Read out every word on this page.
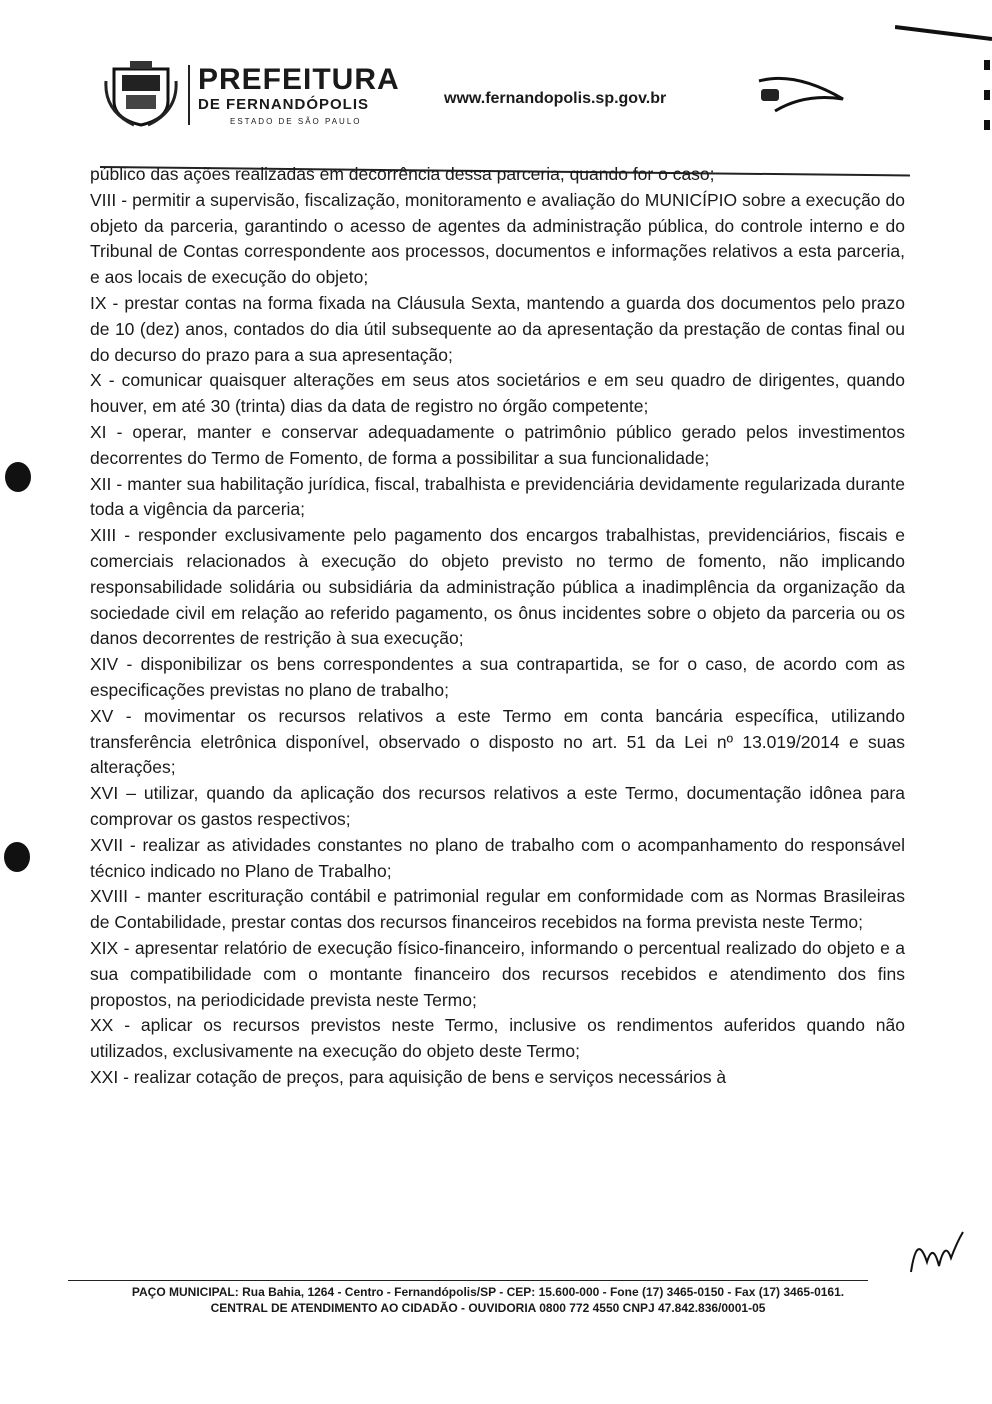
PREFEITURA
DE FERNANDÓPOLIS
ESTADO DE SÃO PAULO
www.fernandopolis.sp.gov.br

público das ações realizadas em decorrência dessa parceria, quando for o caso;

VIII - permitir a supervisão, fiscalização, monitoramento e avaliação do MUNICÍPIO sobre a execução do objeto da parceria, garantindo o acesso de agentes da administração pública, do controle interno e do Tribunal de Contas correspondente aos processos, documentos e informações relativos a esta parceria, e aos locais de execução do objeto;

IX - prestar contas na forma fixada na Cláusula Sexta, mantendo a guarda dos documentos pelo prazo de 10 (dez) anos, contados do dia útil subsequente ao da apresentação da prestação de contas final ou do decurso do prazo para a sua apresentação;

X - comunicar quaisquer alterações em seus atos societários e em seu quadro de dirigentes, quando houver, em até 30 (trinta) dias da data de registro no órgão competente;

XI - operar, manter e conservar adequadamente o patrimônio público gerado pelos investimentos decorrentes do Termo de Fomento, de forma a possibilitar a sua funcionalidade;

XII - manter sua habilitação jurídica, fiscal, trabalhista e previdenciária devidamente regularizada durante toda a vigência da parceria;

XIII - responder exclusivamente pelo pagamento dos encargos trabalhistas, previdenciários, fiscais e comerciais relacionados à execução do objeto previsto no termo de fomento, não implicando responsabilidade solidária ou subsidiária da administração pública a inadimplência da organização da sociedade civil em relação ao referido pagamento, os ônus incidentes sobre o objeto da parceria ou os danos decorrentes de restrição à sua execução;

XIV - disponibilizar os bens correspondentes a sua contrapartida, se for o caso, de acordo com as especificações previstas no plano de trabalho;

XV - movimentar os recursos relativos a este Termo em conta bancária específica, utilizando transferência eletrônica disponível, observado o disposto no art. 51 da Lei nº 13.019/2014 e suas alterações;

XVI – utilizar, quando da aplicação dos recursos relativos a este Termo, documentação idônea para comprovar os gastos respectivos;

XVII - realizar as atividades constantes no plano de trabalho com o acompanhamento do responsável técnico indicado no Plano de Trabalho;

XVIII - manter escrituração contábil e patrimonial regular em conformidade com as Normas Brasileiras de Contabilidade, prestar contas dos recursos financeiros recebidos na forma prevista neste Termo;

XIX - apresentar relatório de execução físico-financeiro, informando o percentual realizado do objeto e a sua compatibilidade com o montante financeiro dos recursos recebidos e atendimento dos fins propostos, na periodicidade prevista neste Termo;

XX - aplicar os recursos previstos neste Termo, inclusive os rendimentos auferidos quando não utilizados, exclusivamente na execução do objeto deste Termo;

XXI - realizar cotação de preços, para aquisição de bens e serviços necessários à

PAÇO MUNICIPAL: Rua Bahia, 1264 - Centro - Fernandópolis/SP - CEP: 15.600-000 - Fone (17) 3465-0150 - Fax (17) 3465-0161.
CENTRAL DE ATENDIMENTO AO CIDADÃO - OUVIDORIA 0800 772 4550 CNPJ 47.842.836/0001-05
